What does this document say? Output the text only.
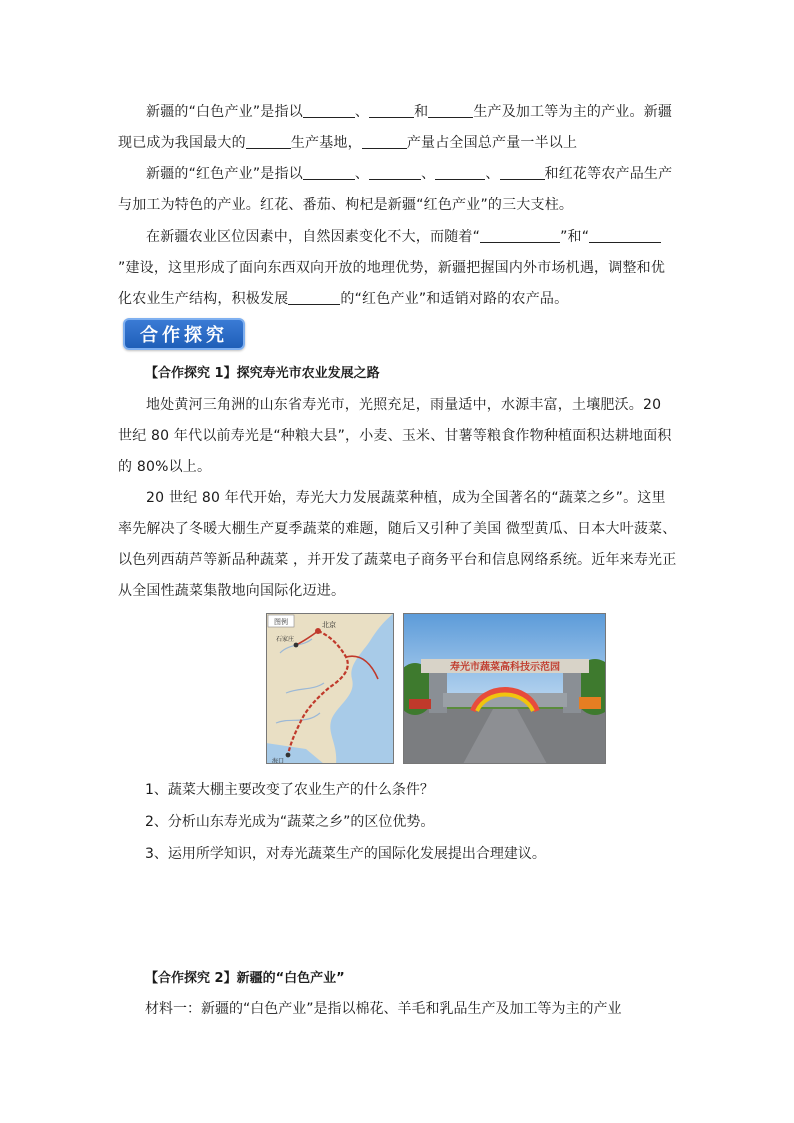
新疆的“白色产业”是指以	、	和	生产及加工等为主的产业。新疆现已成为我国最大的	生产基地，	产量占全国总产量一半以上

新疆的“红色产业”是指以	、	、	、	和红花等农产品生产与加工为特色的产业。红花、番茄、枸杞是新疆“红色产业”的三大支柱。

在新疆农业区位因素中，自然因素变化不大，而随着“	”和“”建设，这里形成了面向东西双向开放的地理优势，新疆把握国内外市场机遇，调整和优化农业生产结构，积极发展	的“红色产业”和适销对路的农产品。

合作探究

【合作探究 1】探究寿光市农业发展之路

地处黄河三角洲的山东省寿光市，光照充足，雨量适中，水源丰富，土壤肥沃。20 世纪 80 年代以前寿光是“种粮大县”，小麦、玉米、甘薯等粮食作物种植面积达耕地面积的 80%以上。

20 世纪 80 年代开始，寿光大力发展蔬菜种植，成为全国著名的“蔬菜之乡”。这里率先解决了冬暖大棚生产夏季蔬菜的难题，随后又引种了美国 微型黄瓜、日本大叶菠菜、以色列西葫芦等新品种蔬菜 ，并开发了蔬菜电子商务平台和信息网络系统。近年来寿光正从全国性蔬菜集散地向国际化迈进。

图例	北京
石家庄
海口
寿光市蔬菜高科技示范园

1、蔬菜大棚主要改变了农业生产的什么条件？

2、分析山东寿光成为“蔬菜之乡”的区位优势。

3、运用所学知识，对寿光蔬菜生产的国际化发展提出合理建议。

【合作探究 2】新疆的“白色产业”

材料一：新疆的“白色产业”是指以棉花、羊毛和乳品生产及加工等为主的产业
